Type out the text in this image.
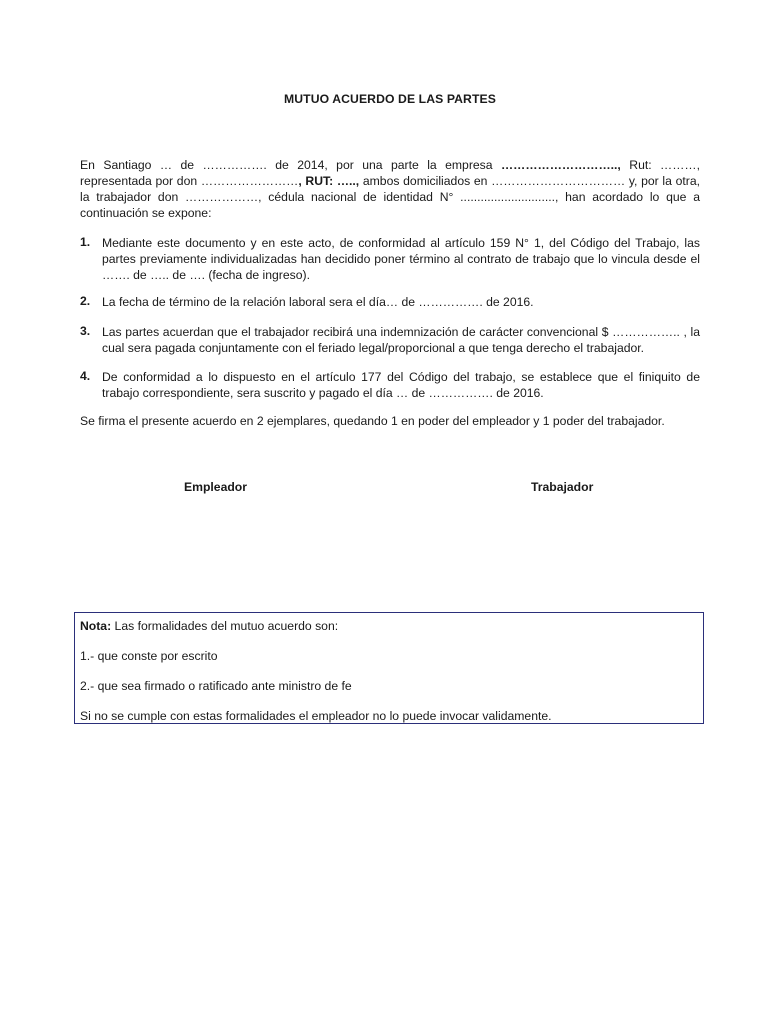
MUTUO ACUERDO DE LAS PARTES
En Santiago … de ……………. de 2014, por una parte la empresa ……………………….., Rut: ………, representada por don ……………………, RUT: ….., ambos domiciliados en …………………………… y, por la otra, la trabajador don ………………, cédula nacional de identidad N° ............................, han acordado lo que a continuación se expone:
1. Mediante este documento y en este acto, de conformidad al artículo 159 N° 1, del Código del Trabajo, las partes previamente individualizadas han decidido poner término al contrato de trabajo que lo vincula desde el ……. de ….. de …. (fecha de ingreso).
2. La fecha de término de la relación laboral sera el día… de ……………. de 2016.
3. Las partes acuerdan que el trabajador recibirá una indemnización de carácter convencional $ …………….. , la cual sera pagada conjuntamente con el feriado legal/proporcional a que tenga derecho el trabajador.
4. De conformidad a lo dispuesto en el artículo 177 del Código del trabajo, se establece que el finiquito de trabajo correspondiente, sera suscrito y pagado el día … de ……………. de 2016.
Se firma el presente acuerdo en 2 ejemplares, quedando 1 en poder del empleador y 1 poder del trabajador.
Empleador	Trabajador
Nota: Las formalidades del mutuo acuerdo son:
1.- que conste por escrito
2.- que sea firmado o ratificado ante ministro de fe
Si no se cumple con estas formalidades el empleador no lo puede invocar validamente.
